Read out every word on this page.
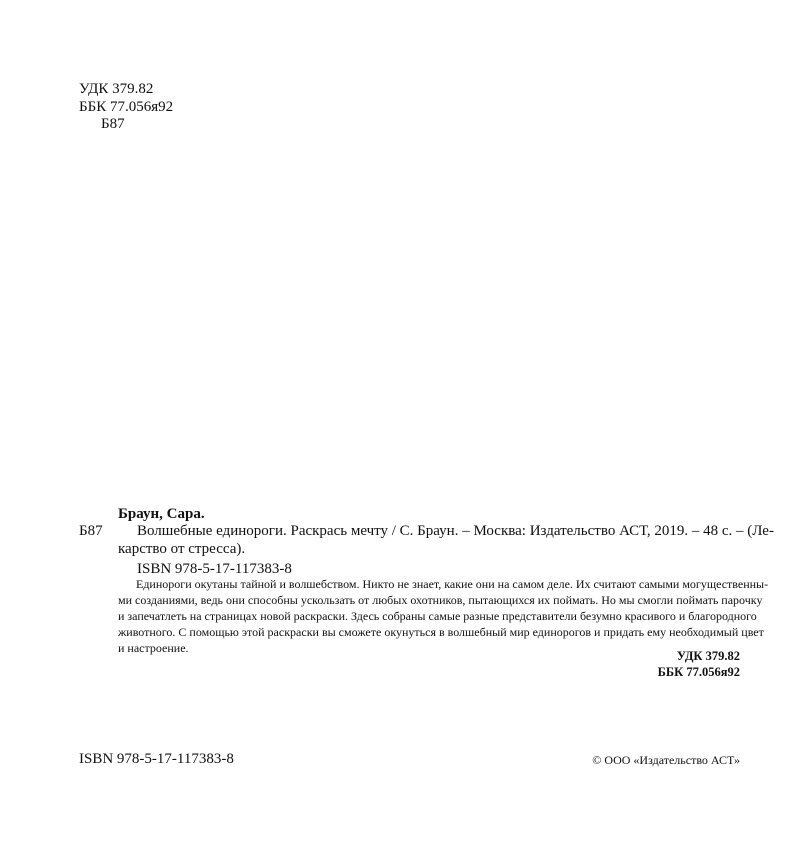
УДК 379.82
ББК 77.056я92
Б87
Браун, Сара.
Б87 Волшебные единороги. Раскрась мечту / С. Браун. – Москва: Издательство АСТ, 2019. – 48 с. – (Ле-
карство от стресса).
ISBN 978-5-17-117383-8
Единороги окутаны тайной и волшебством. Никто не знает, какие они на самом деле. Их считают самыми могущественны-
ми созданиями, ведь они способны ускользать от любых охотников, пытающихся их поймать. Но мы смогли поймать парочку
и запечатлеть на страницах новой раскраски. Здесь собраны самые разные представители безумно красивого и благородного
животного. С помощью этой раскраски вы сможете окунуться в волшебный мир единорогов и придать ему необходимый цвет
и настроение.
УДК 379.82
ББК 77.056я92
ISBN 978-5-17-117383-8	© ООО «Издательство АСТ»
